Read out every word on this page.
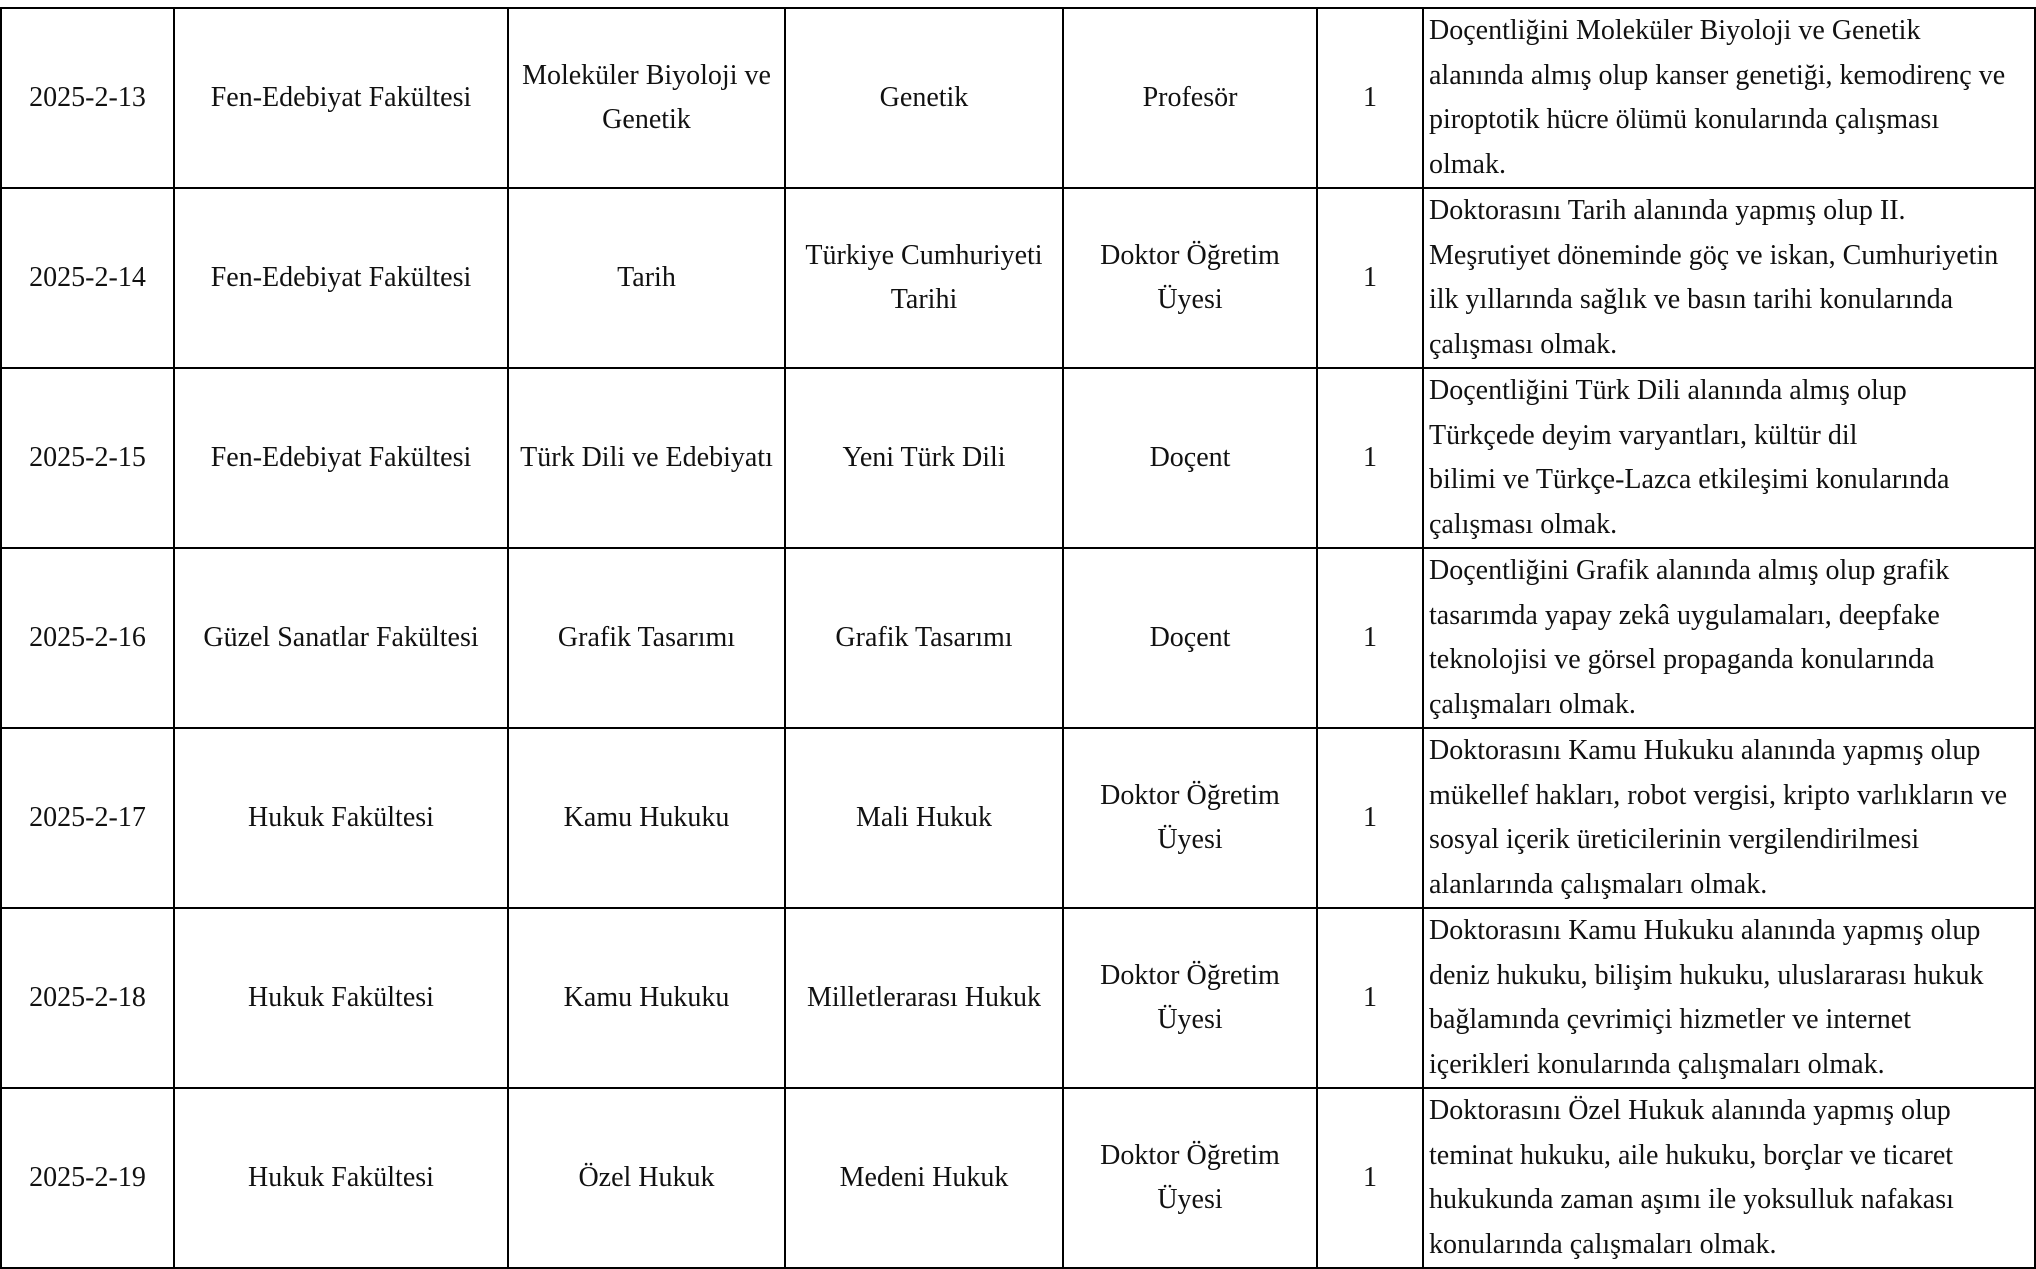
2025-2-13	Fen-Edebiyat Fakültesi	Moleküler Biyoloji ve
Genetik	Genetik	Profesör	1	Doçentliğini Moleküler Biyoloji ve Genetik
alanında almış olup kanser genetiği, kemodirenç ve
piroptotik hücre ölümü konularında çalışması
olmak.

2025-2-14	Fen-Edebiyat Fakültesi	Tarih	Türkiye Cumhuriyeti
Tarihi	Doktor Öğretim
Üyesi	1	Doktorasını Tarih alanında yapmış olup II.
Meşrutiyet döneminde göç ve iskan, Cumhuriyetin
ilk yıllarında sağlık ve basın tarihi konularında
çalışması olmak.

2025-2-15	Fen-Edebiyat Fakültesi	Türk Dili ve Edebiyatı	Yeni Türk Dili	Doçent	1	Doçentliğini Türk Dili alanında almış olup
Türkçede deyim varyantları, kültür dil
bilimi ve Türkçe-Lazca etkileşimi konularında
çalışması olmak.

2025-2-16	Güzel Sanatlar Fakültesi	Grafik Tasarımı	Grafik Tasarımı	Doçent	1	Doçentliğini Grafik alanında almış olup grafik
tasarımda yapay zekâ uygulamaları, deepfake
teknolojisi ve görsel propaganda konularında
çalışmaları olmak.

2025-2-17	Hukuk Fakültesi	Kamu Hukuku	Mali Hukuk	Doktor Öğretim
Üyesi	1	Doktorasını Kamu Hukuku alanında yapmış olup
mükellef hakları, robot vergisi, kripto varlıkların ve
sosyal içerik üreticilerinin vergilendirilmesi
alanlarında çalışmaları olmak.

2025-2-18	Hukuk Fakültesi	Kamu Hukuku	Milletlerarası Hukuk	Doktor Öğretim
Üyesi	1	Doktorasını Kamu Hukuku alanında yapmış olup
deniz hukuku, bilişim hukuku, uluslararası hukuk
bağlamında çevrimiçi hizmetler ve internet
içerikleri konularında çalışmaları olmak.

2025-2-19	Hukuk Fakültesi	Özel Hukuk	Medeni Hukuk	Doktor Öğretim
Üyesi	1	Doktorasını Özel Hukuk alanında yapmış olup
teminat hukuku, aile hukuku, borçlar ve ticaret
hukukunda zaman aşımı ile yoksulluk nafakası
konularında çalışmaları olmak.
